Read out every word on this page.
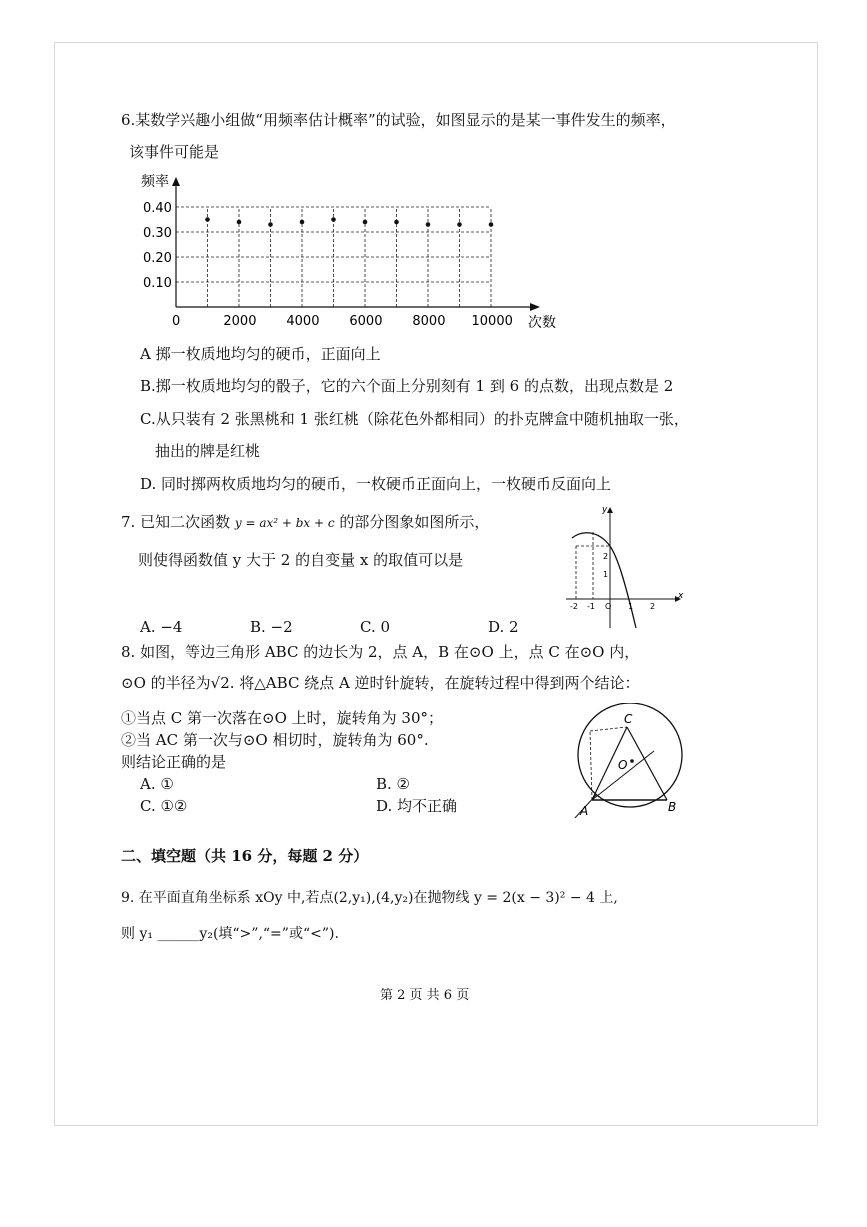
6.某数学兴趣小组做“用频率估计概率”的试验，如图显示的是某一事件发生的频率，
该事件可能是
频率
次数
0.10
0.20
0.30
0.40
0	2000 4000 6000 8000 10000
A 掷一枚质地均匀的硬币，正面向上
B.掷一枚质地均匀的骰子，它的六个面上分别刻有 1 到 6 的点数，出现点数是 2
C.从只装有 2 张黑桃和 1 张红桃（除花色外都相同）的扑克牌盒中随机抽取一张，
抽出的牌是红桃
D. 同时掷两枚质地均匀的硬币，一枚硬币正面向上，一枚硬币反面向上
7. 已知二次函数 y = ax² + bx + c 的部分图象如图所示，
则使得函数值 y 大于 2 的自变量 x 的取值可以是
y
x
2
1
-2 -1 O 1 2
A. −4	B. −2	C. 0	D. 2
8. 如图，等边三角形 ABC 的边长为 2，点 A，B 在⊙O 上，点 C 在⊙O 内，
⊙O 的半径为√2. 将△ABC 绕点 A 逆时针旋转，在旋转过程中得到两个结论：
①当点 C 第一次落在⊙O 上时，旋转角为 30°；
②当 AC 第一次与⊙O 相切时，旋转角为 60°.
则结论正确的是
A. ①	B. ②
C. ①②	D. 均不正确
C
O
A	B
二、填空题（共 16 分，每题 2 分）
9. 在平面直角坐标系 xOy 中,若点(2,y₁),(4,y₂)在抛物线 y = 2(x − 3)² − 4 上,
则 y₁ ______y₂(填“>”,“=”或“<”).
第 2 页 共 6 页
